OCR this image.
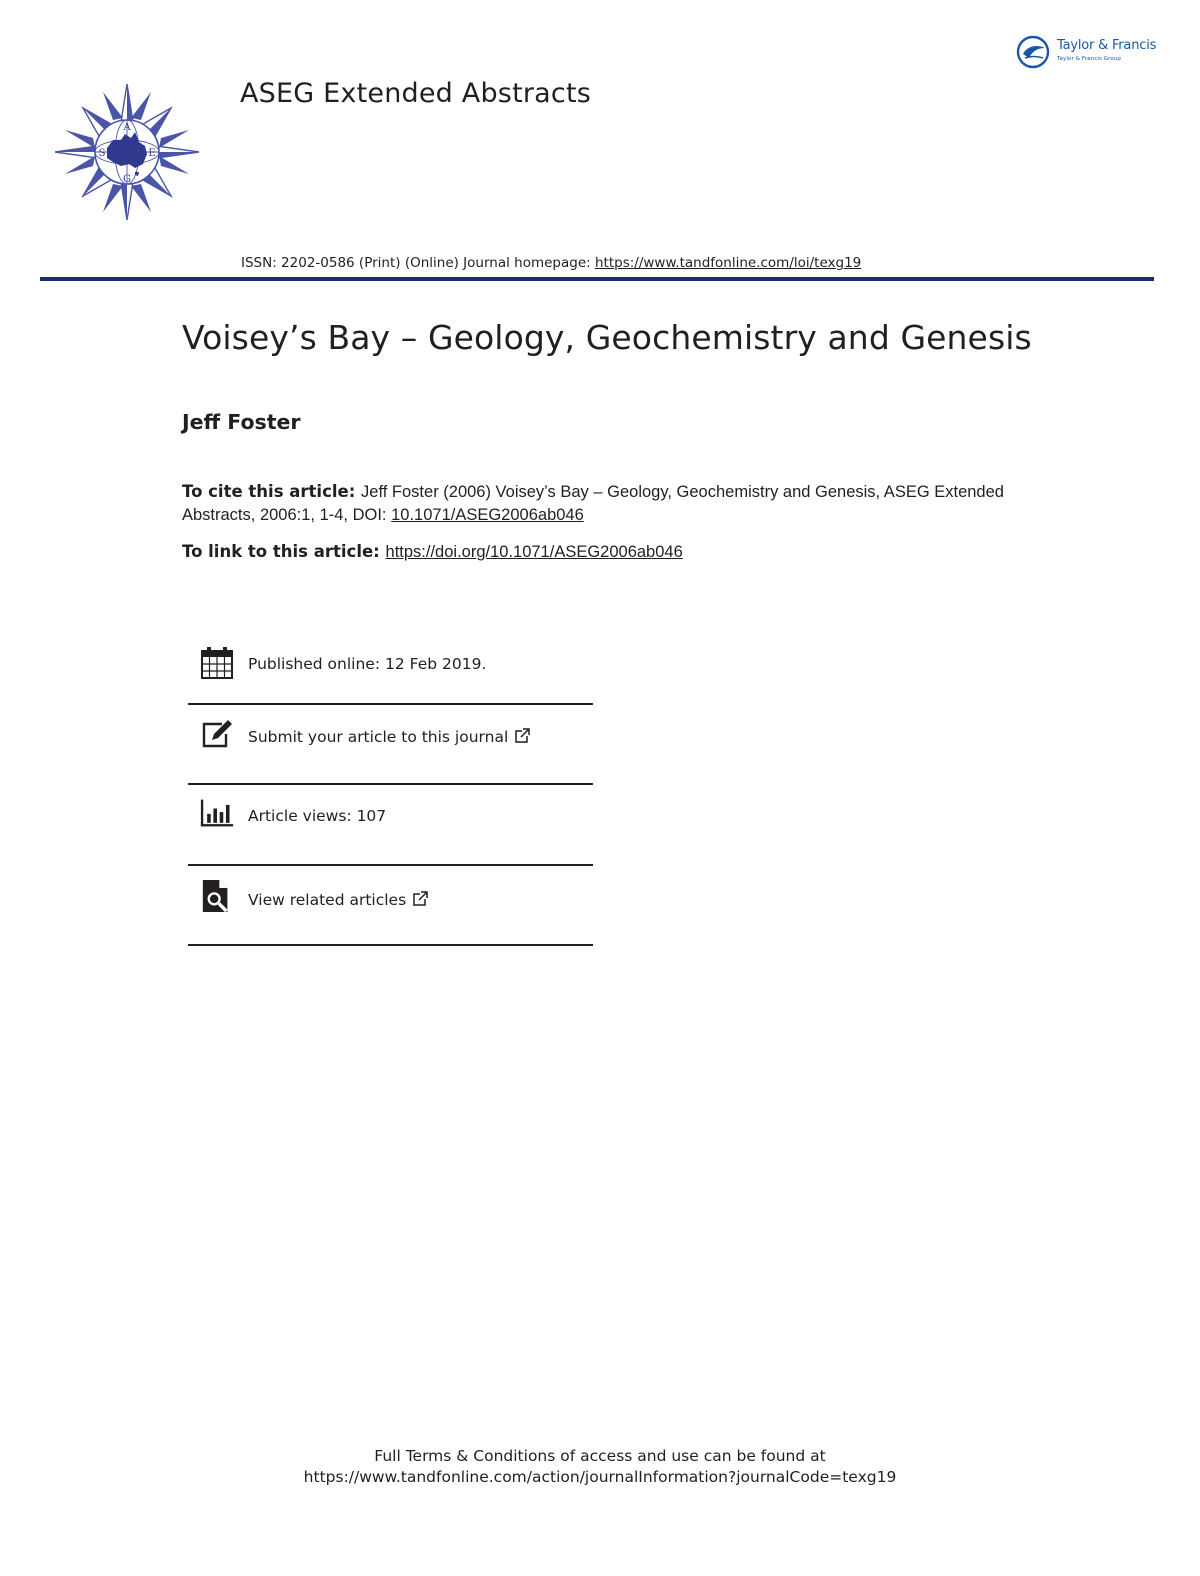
A
S	E
G
Taylor & Francis
Taylor & Francis Group
ASEG Extended Abstracts
ISSN: 2202-0586 (Print) (Online) Journal homepage: https://www.tandfonline.com/loi/texg19
Voisey’s Bay – Geology, Geochemistry and Genesis
Jeff Foster
To cite this article: Jeff Foster (2006) Voisey’s Bay – Geology, Geochemistry and Genesis, ASEG Extended Abstracts, 2006:1, 1-4, DOI: 10.1071/ASEG2006ab046
To link to this article: https://doi.org/10.1071/ASEG2006ab046
Published online: 12 Feb 2019.
Submit your article to this journal
Article views: 107
View related articles
Full Terms & Conditions of access and use can be found at
https://www.tandfonline.com/action/journalInformation?journalCode=texg19
